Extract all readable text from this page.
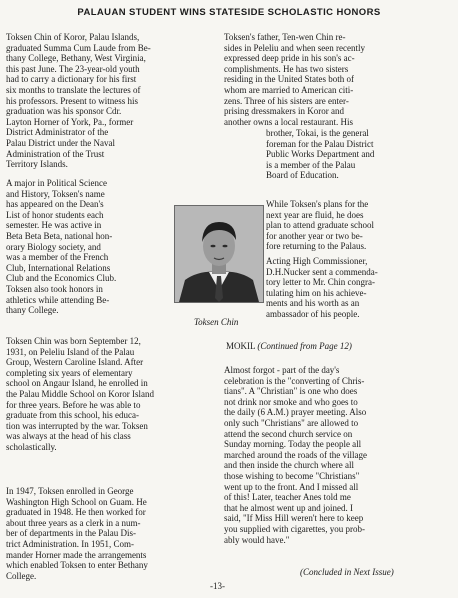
PALAUAN STUDENT WINS STATESIDE SCHOLASTIC HONORS

Toksen Chin of Koror, Palau Islands,
graduated Summa Cum Laude from Be-
thany College, Bethany, West Virginia,
this past June. The 23-year-old youth
had to carry a dictionary for his first
six months to translate the lectures of
his professors. Present to witness his
graduation was his sponsor Cdr.
Layton Horner of York, Pa., former
District Administrator of the
Palau District under the Naval
Administration of the Trust
Territory Islands.

A major in Political Science
and History, Toksen's name
has appeared on the Dean's
List of honor students each
semester. He was active in
Beta Beta Beta, national hon-
orary Biology society, and
was a member of the French
Club, International Relations
Club and the Economics Club.
Toksen also took honors in
athletics while attending Be-
thany College.

Toksen Chin was born September 12,
1931, on Peleliu Island of the Palau
Group, Western Caroline Island. After
completing six years of elementary
school on Angaur Island, he enrolled in
the Palau Middle School on Koror Island
for three years. Before he was able to
graduate from this school, his educa-
tion was interrupted by the war. Toksen
was always at the head of his class
scholastically.

In 1947, Toksen enrolled in George
Washington High School on Guam. He
graduated in 1948. He then worked for
about three years as a clerk in a num-
ber of departments in the Palau Dis-
trict Administration. In 1951, Com-
mander Horner made the arrangements
which enabled Toksen to enter Bethany
College.

Toksen Chin

Toksen's father, Ten-wen Chin re-
sides in Peleliu and when seen recently
expressed deep pride in his son's ac-
complishments. He has two sisters
residing in the United States both of
whom are married to American citi-
zens. Three of his sisters are enter-
prising dressmakers in Koror and
another owns a local restaurant. His

brother, Tokai, is the general
foreman for the Palau District
Public Works Department and
is a member of the Palau
Board of Education.

While Toksen's plans for the
next year are fluid, he does
plan to attend graduate school
for another year or two be-
fore returning to the Palaus.

Acting High Commissioner,
D.H.Nucker sent a commenda-
tory letter to Mr. Chin congra-
tulating him on his achieve-
ments and his worth as an
ambassador of his people.

MOKIL (Continued from Page 12)

Almost forgot - part of the day's
celebration is the "converting of Chris-
tians". A "Christian" is one who does
not drink nor smoke and who goes to
the daily (6 A.M.) prayer meeting. Also
only such "Christians" are allowed to
attend the second church service on
Sunday morning. Today the people all
marched around the roads of the village
and then inside the church where all
those wishing to become "Christians"
went up to the front. And I missed all
of this! Later, teacher Anes told me
that he almost went up and joined. I
said, "If Miss Hill weren't here to keep
you supplied with cigarettes, you prob-
ably would have."

(Concluded in Next Issue)
-13-
